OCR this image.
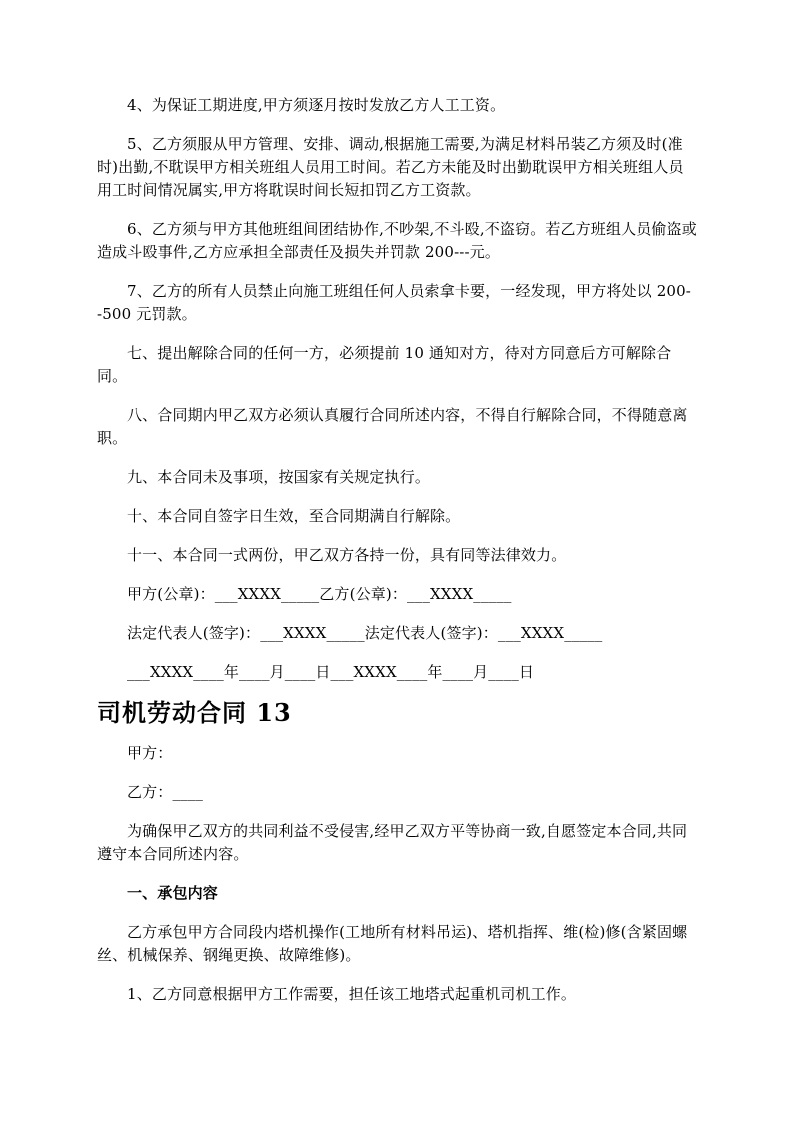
4、为保证工期进度,甲方须逐月按时发放乙方人工工资。

5、乙方须服从甲方管理、安排、调动,根据施工需要,为满足材料吊装乙方须及时(准时)出勤,不耽误甲方相关班组人员用工时间。若乙方未能及时出勤耽误甲方相关班组人员用工时间情况属实,甲方将耽误时间长短扣罚乙方工资款。

6、乙方须与甲方其他班组间团结协作,不吵架,不斗殴,不盗窃。若乙方班组人员偷盗或造成斗殴事件,乙方应承担全部责任及损失并罚款 200---元。

7、乙方的所有人员禁止向施工班组任何人员索拿卡要，一经发现，甲方将处以 200--500 元罚款。

七、提出解除合同的任何一方，必须提前 10 通知对方，待对方同意后方可解除合同。

八、合同期内甲乙双方必须认真履行合同所述内容，不得自行解除合同，不得随意离职。

九、本合同未及事项，按国家有关规定执行。

十、本合同自签字日生效，至合同期满自行解除。

十一、本合同一式两份，甲乙双方各持一份，具有同等法律效力。

甲方(公章)：___XXXX_____乙方(公章)：___XXXX_____

法定代表人(签字)：___XXXX_____法定代表人(签字)：___XXXX_____

___XXXX____年____月____日___XXXX____年____月____日

司机劳动合同 13

甲方：

乙方：____

为确保甲乙双方的共同利益不受侵害,经甲乙双方平等协商一致,自愿签定本合同,共同遵守本合同所述内容。

一、承包内容

乙方承包甲方合同段内塔机操作(工地所有材料吊运)、塔机指挥、维(检)修(含紧固螺丝、机械保养、钢绳更换、故障维修)。

1、乙方同意根据甲方工作需要，担任该工地塔式起重机司机工作。
